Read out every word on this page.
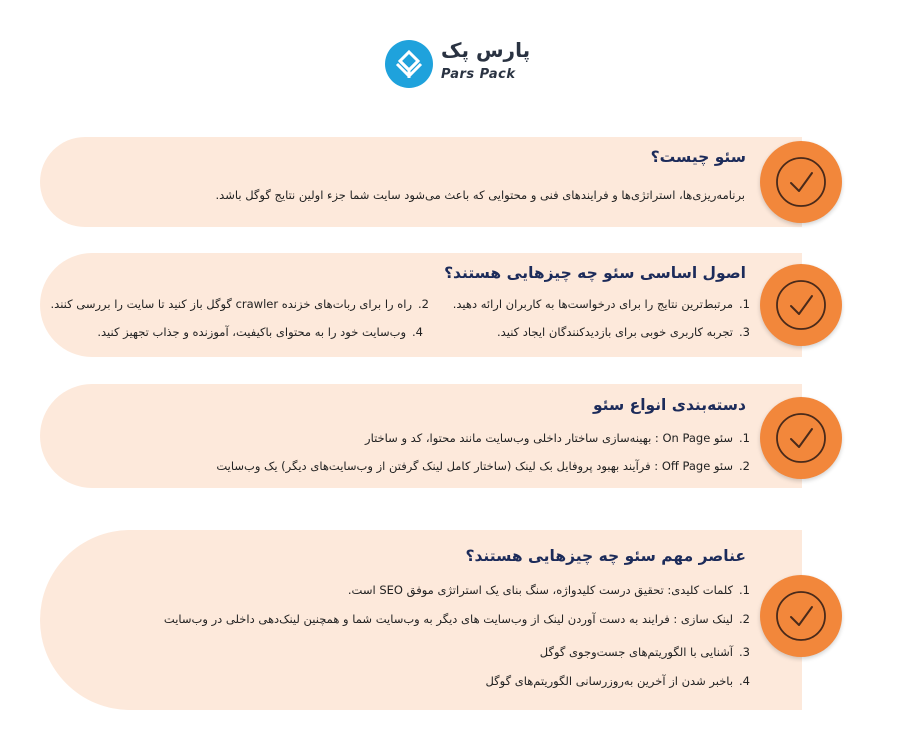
پارس پک
Pars Pack
سئو چیست؟
برنامه‌ریزی‌ها، استراتژی‌ها و فرایندهای فنی و محتوایی که باعث می‌شود سایت شما جزء اولین نتایج گوگل باشد.
اصول اساسی سئو چه چیزهایی هستند؟
1.مرتبط‌ترین نتایج را برای درخواست‌ها به کاربران ارائه دهید.
2.راه را برای ربات‌های خزنده crawler گوگل باز کنید تا سایت را بررسی کنند.
3.تجربه کاربری خوبی برای بازدیدکنندگان ایجاد کنید.
4.وب‌سایت خود را به محتوای باکیفیت، آموزنده و جذاب تجهیز کنید.
دسته‌بندی انواع سئو
1.سئو On Page : بهینه‌سازی ساختار داخلی وب‌سایت مانند محتوا، کد و ساختار
2.سئو Off Page : فرآیند بهبود پروفایل بک لینک (ساختار کامل لینک گرفتن از وب‌سایت‌های دیگر) یک وب‌سایت
عناصر مهم سئو چه چیزهایی هستند؟
1.کلمات کلیدی: تحقیق درست کلیدواژه، سنگ بنای یک استراتژی موفق SEO است.
2.لینک سازی : فرایند به دست آوردن لینک از وب‌سایت های دیگر به وب‌سایت شما و همچنین لینک‌دهی داخلی در وب‌سایت
3.آشنایی با الگوریتم‌های جست‌وجوی گوگل
4.باخبر شدن از آخرین به‌روزرسانی الگوریتم‌های گوگل
